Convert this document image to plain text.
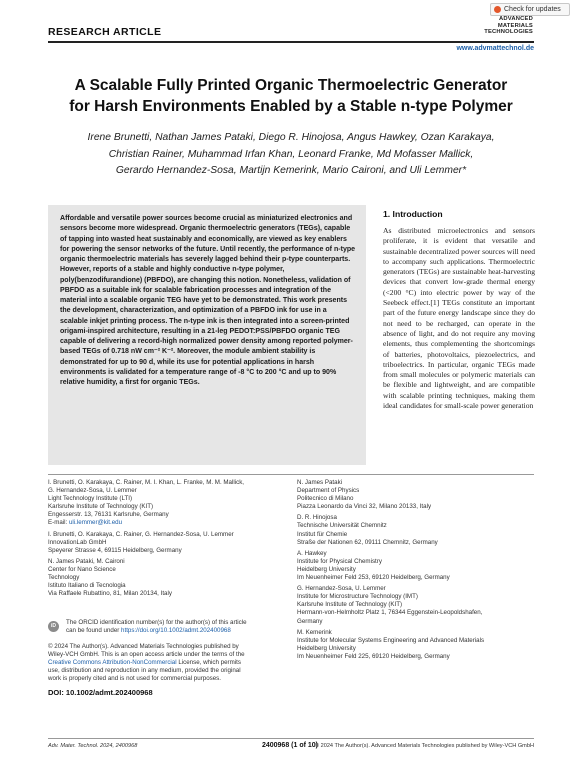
Check for updates
RESEARCH ARTICLE
ADVANCED
MATERIALS
TECHNOLOGIES
www.advmattechnol.de
A Scalable Fully Printed Organic Thermoelectric Generator
for Harsh Environments Enabled by a Stable n-type Polymer
Irene Brunetti, Nathan James Pataki, Diego R. Hinojosa, Angus Hawkey, Ozan Karakaya,
Christian Rainer, Muhammad Irfan Khan, Leonard Franke, Md Mofasser Mallick,
Gerardo Hernandez-Sosa, Martijn Kemerink, Mario Caironi, and Uli Lemmer*

Affordable and versatile power sources become crucial as miniaturized electronics and sensors become more widespread. Organic thermoelectric generators (TEGs), capable of tapping into wasted heat sustainably and economically, are viewed as key enablers for powering the sensor networks of the future. Until recently, the performance of n-type organic thermoelectric materials has severely lagged behind their p-type counterparts. However, reports of a stable and highly conductive n-type polymer, poly(benzodifurandione) (PBFDO), are changing this notion. Nonetheless, validation of PBFDO as a suitable ink for scalable fabrication processes and integration of the material into a scalable organic TEG have yet to be demonstrated. This work presents the development, characterization, and optimization of a PBFDO ink for use in a scalable inkjet printing process. The n-type ink is then integrated into a screen-printed origami-inspired architecture, resulting in a 21-leg PEDOT:PSS/PBFDO organic TEG capable of delivering a record-high normalized power density among reported polymer-based TEGs of 0.718 nW cm⁻² K⁻². Moreover, the module ambient stability is demonstrated for up to 90 d, while its use for potential applications in harsh environments is validated for a temperature range of -8 °C to 200 °C and up to 90% relative humidity, a first for organic TEGs.

1. Introduction

As distributed microelectronics and sensors proliferate, it is evident that versatile and sustainable decentralized power sources will need to accompany such applications. Thermoelectric generators (TEGs) are sustainable heat-harvesting devices that convert low-grade thermal energy (<200 °C) into electric power by way of the Seebeck effect.[1] TEGs constitute an important part of the future energy landscape since they do not need to be recharged, can operate in the absence of light, and do not require any moving elements, thus complementing the shortcomings of batteries, photovoltaics, piezoelectrics, and triboelectrics. In particular, organic TEGs made from small molecules or polymeric materials can be flexible and lightweight, and are compatible with scalable printing techniques, making them ideal candidates for small-scale power generation

I. Brunetti, O. Karakaya, C. Rainer, M. I. Khan, L. Franke, M. M. Mallick,
G. Hernandez-Sosa, U. Lemmer
Light Technology Institute (LTI)
Karlsruhe Institute of Technology (KIT)
Engesserstr. 13, 76131 Karlsruhe, Germany
E-mail: uli.lemmer@kit.edu
I. Brunetti, O. Karakaya, C. Rainer, G. Hernandez-Sosa, U. Lemmer
InnovationLab GmbH
Speyerer Strasse 4, 69115 Heidelberg, Germany
N. James Pataki, M. Caironi
Center for Nano Science
Technology
Istituto Italiano di Tecnologia
Via Raffaele Rubattino, 81, Milan 20134, Italy
N. James Pataki
Department of Physics
Politecnico di Milano
Piazza Leonardo da Vinci 32, Milano 20133, Italy
D. R. Hinojosa
Technische Universität Chemnitz
Institut für Chemie
Straße der Nationen 62, 09111 Chemnitz, Germany
A. Hawkey
Institute for Physical Chemistry
Heidelberg University
Im Neuenheimer Feld 253, 69120 Heidelberg, Germany
G. Hernandez-Sosa, U. Lemmer
Institute for Microstructure Technology (IMT)
Karlsruhe Institute of Technology (KIT)
Hermann-von-Helmholtz Platz 1, 76344 Eggenstein-Leopoldshafen,
Germany
M. Kemerink
Institute for Molecular Systems Engineering and Advanced Materials
Heidelberg University
Im Neuenheimer Feld 225, 69120 Heidelberg, Germany
iD	The ORCID identification number(s) for the author(s) of this article
can be found under https://doi.org/10.1002/admt.202400968
© 2024 The Author(s). Advanced Materials Technologies published by
Wiley-VCH GmbH. This is an open access article under the terms of the
Creative Commons Attribution-NonCommercial License, which permits
use, distribution and reproduction in any medium, provided the original
work is properly cited and is not used for commercial purposes.
DOI: 10.1002/admt.202400968
Adv. Mater. Technol. 2024, 2400968	2400968 (1 of 10)
© 2024 The Author(s). Advanced Materials Technologies published by Wiley-VCH GmbH
